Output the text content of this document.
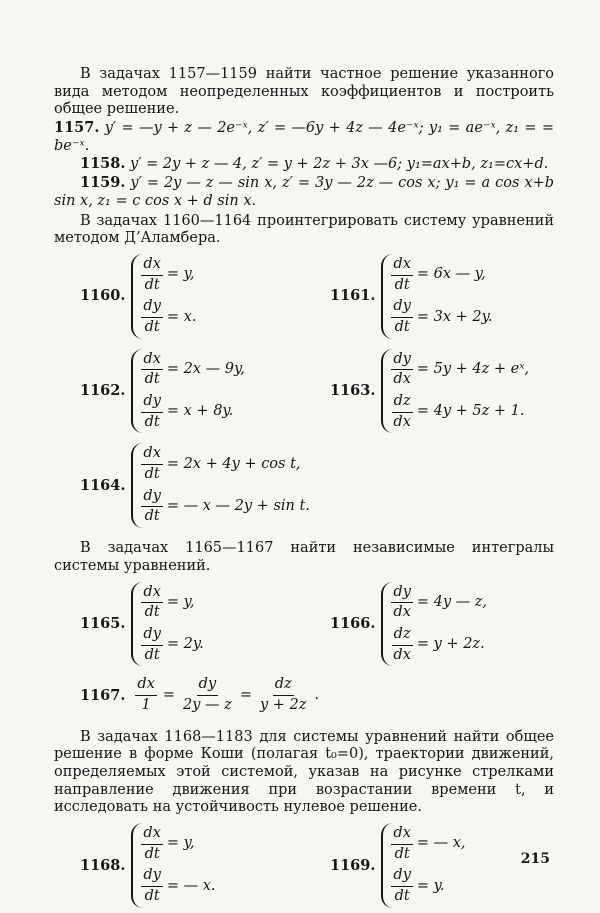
В задачах 1157—1159 найти частное решение указанного вида методом неопределенных коэффициентов и построить общее решение.

1157. y′ = —y + z — 2e⁻ˣ, z′ = —6y + 4z — 4e⁻ˣ; y₁ = ae⁻ˣ, z₁ = = be⁻ˣ.

1158. y′ = 2y + z — 4, z′ = y + 2z + 3x —6; y₁=ax+b, z₁=cx+d.

1159. y′ = 2y — z — sin x, z′ = 3y — 2z — cos x; y₁ = a cos x+b sin x, z₁ = c cos x + d sin x.

В задачах 1160—1164 проинтегрировать систему уравнений методом Д’Аламбера.

1160.
$\frac{dx}{dt} = y$,
$\frac{dy}{dt} = x$.
1161.
$\frac{dx}{dt} = 6x$ — y,
$\frac{dy}{dt} = 3x + 2y$.
1162.
$\frac{dx}{dt} = 2x$ — 9y,
$\frac{dy}{dt} = x + 8y$.
1163.
$\frac{dy}{dx} = 5y + 4z$ + eˣ,
$\frac{dz}{dx} = 4y + 5z + 1$.
1164.
$\frac{dx}{dt} = 2x + 4y + \cos t$,
$\frac{dy}{dt}$ = — x — 2y + sin t.

В задачах 1165—1167 найти независимые интегралы системы уравнений.

1165.
$\frac{dx}{dt} = y$,
$\frac{dy}{dt} = 2y$.
1166.
$\frac{dy}{dx} = 4y$ — z,
$\frac{dz}{dx} = y + 2z$.
1167. $\frac{dx}{1} = \frac{dy}{2y — z} = \frac{dz}{y + 2z}$ .

В задачах 1168—1183 для системы уравнений найти общее решение в форме Коши (полагая t₀=0), траектории движений, определяемых этой системой, указав на рисунке стрелками направление движения при возрастании времени t, и исследовать на устойчивость нулевое решение.

1168.
$\frac{dx}{dt} = y$,
$\frac{dy}{dt}$ = — x.
1169.
$\frac{dx}{dt}$ = — x,
$\frac{dy}{dt} = y$.
215
